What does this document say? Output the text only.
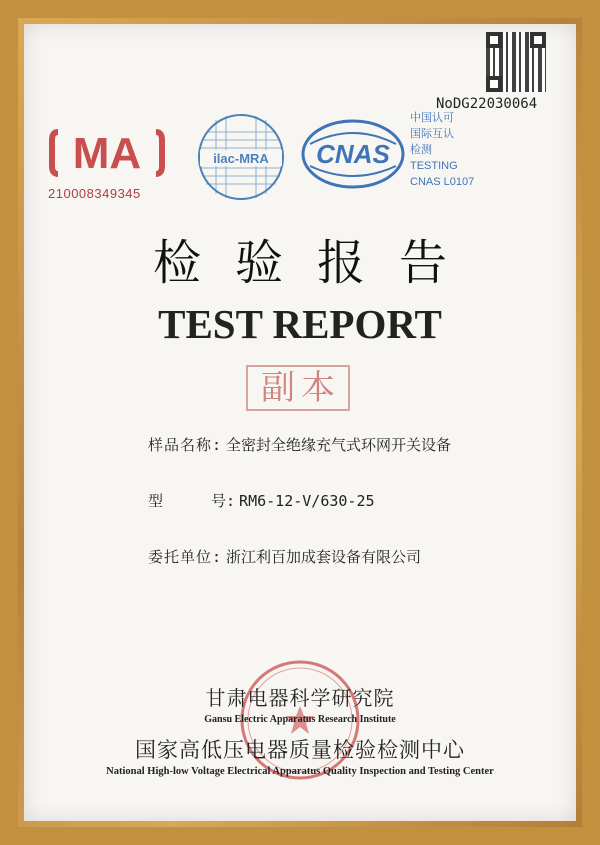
NoDG22030064
MA
210008349345
ilac-MRA CNAS
中国认可
国际互认
检测
TESTING
CNAS L0107
检验报告
TEST REPORT
副本
样品名称: 全密封全绝缘充气式环网开关设备
型	号: RM6-12-V/630-25
委托单位: 浙江利百加成套设备有限公司
甘肃电器科学研究院
Gansu Electric Apparatus Research Institute
国家高低压电器质量检验检测中心
National High-low Voltage Electrical Apparatus Quality Inspection and Testing Center
